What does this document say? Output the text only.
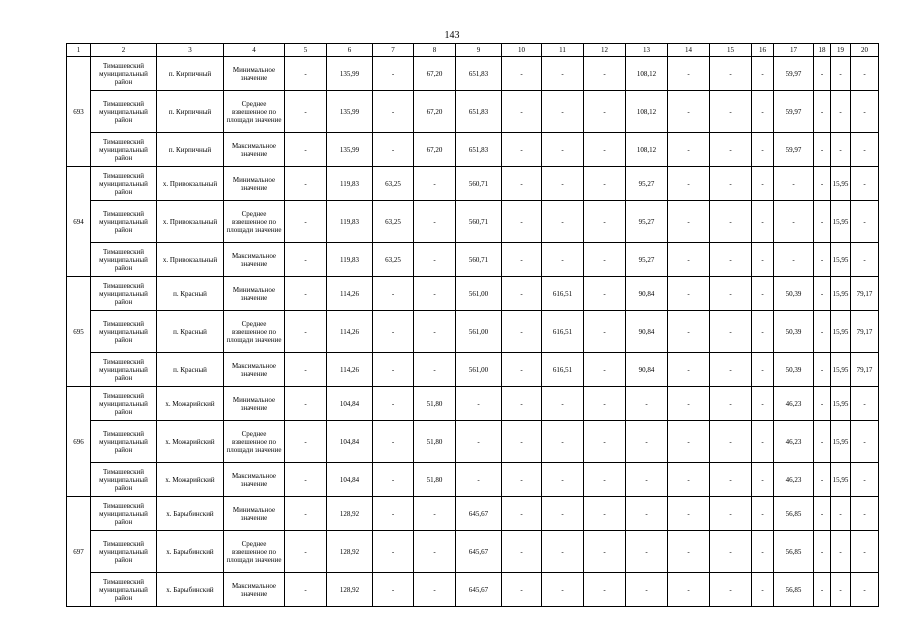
143
1	2	3	4	5	6	7	8	9	10	11	12	13	14	15	16	17	18	19	20
693	Тимашевский муниципальный район	п. Кирпичный	Минимальное значение	-	135,99	-	67,20	651,83	-	-	-	108,12	-	-	-	59,97	-	-	-
	Тимашевский муниципальный район	п. Кирпичный	Среднее взвешенное по площади значение	-	135,99	-	67,20	651,83	-	-	-	108,12	-	-	-	59,97	-	-	-
	Тимашевский муниципальный район	п. Кирпичный	Максимальное значение	-	135,99	-	67,20	651,83	-	-	-	108,12	-	-	-	59,97	-	-	-
694	Тимашевский муниципальный район	х. Привокзальный	Минимальное значение	-	119,83	63,25	-	560,71	-	-	-	95,27	-	-	-	-	-	15,95	-
	Тимашевский муниципальный район	х. Привокзальный	Среднее взвешенное по площади значение	-	119,83	63,25	-	560,71	-	-	-	95,27	-	-	-	-	-	15,95	-
	Тимашевский муниципальный район	х. Привокзальный	Максимальное значение	-	119,83	63,25	-	560,71	-	-	-	95,27	-	-	-	-	-	15,95	-
695	Тимашевский муниципальный район	п. Красный	Минимальное значение	-	114,26	-	-	561,00	-	616,51	-	90,84	-	-	-	50,39	-	15,95	79,17
	Тимашевский муниципальный район	п. Красный	Среднее взвешенное по площади значение	-	114,26	-	-	561,00	-	616,51	-	90,84	-	-	-	50,39	-	15,95	79,17
	Тимашевский муниципальный район	п. Красный	Максимальное значение	-	114,26	-	-	561,00	-	616,51	-	90,84	-	-	-	50,39	-	15,95	79,17
696	Тимашевский муниципальный район	х. Можарийский	Минимальное значение	-	104,84	-	51,80	-	-	-	-	-	-	-	-	46,23	-	15,95	-
	Тимашевский муниципальный район	х. Можарийский	Среднее взвешенное по площади значение	-	104,84	-	51,80	-	-	-	-	-	-	-	-	46,23	-	15,95	-
	Тимашевский муниципальный район	х. Можарийский	Максимальное значение	-	104,84	-	51,80	-	-	-	-	-	-	-	-	46,23	-	15,95	-
697	Тимашевский муниципальный район	х. Барыбинский	Минимальное значение	-	128,92	-	-	645,67	-	-	-	-	-	-	-	56,85	-	-	-
	Тимашевский муниципальный район	х. Барыбинский	Среднее взвешенное по площади значение	-	128,92	-	-	645,67	-	-	-	-	-	-	-	56,85	-	-	-
	Тимашевский муниципальный район	х. Барыбинский	Максимальное значение	-	128,92	-	-	645,67	-	-	-	-	-	-	-	56,85	-	-	-
